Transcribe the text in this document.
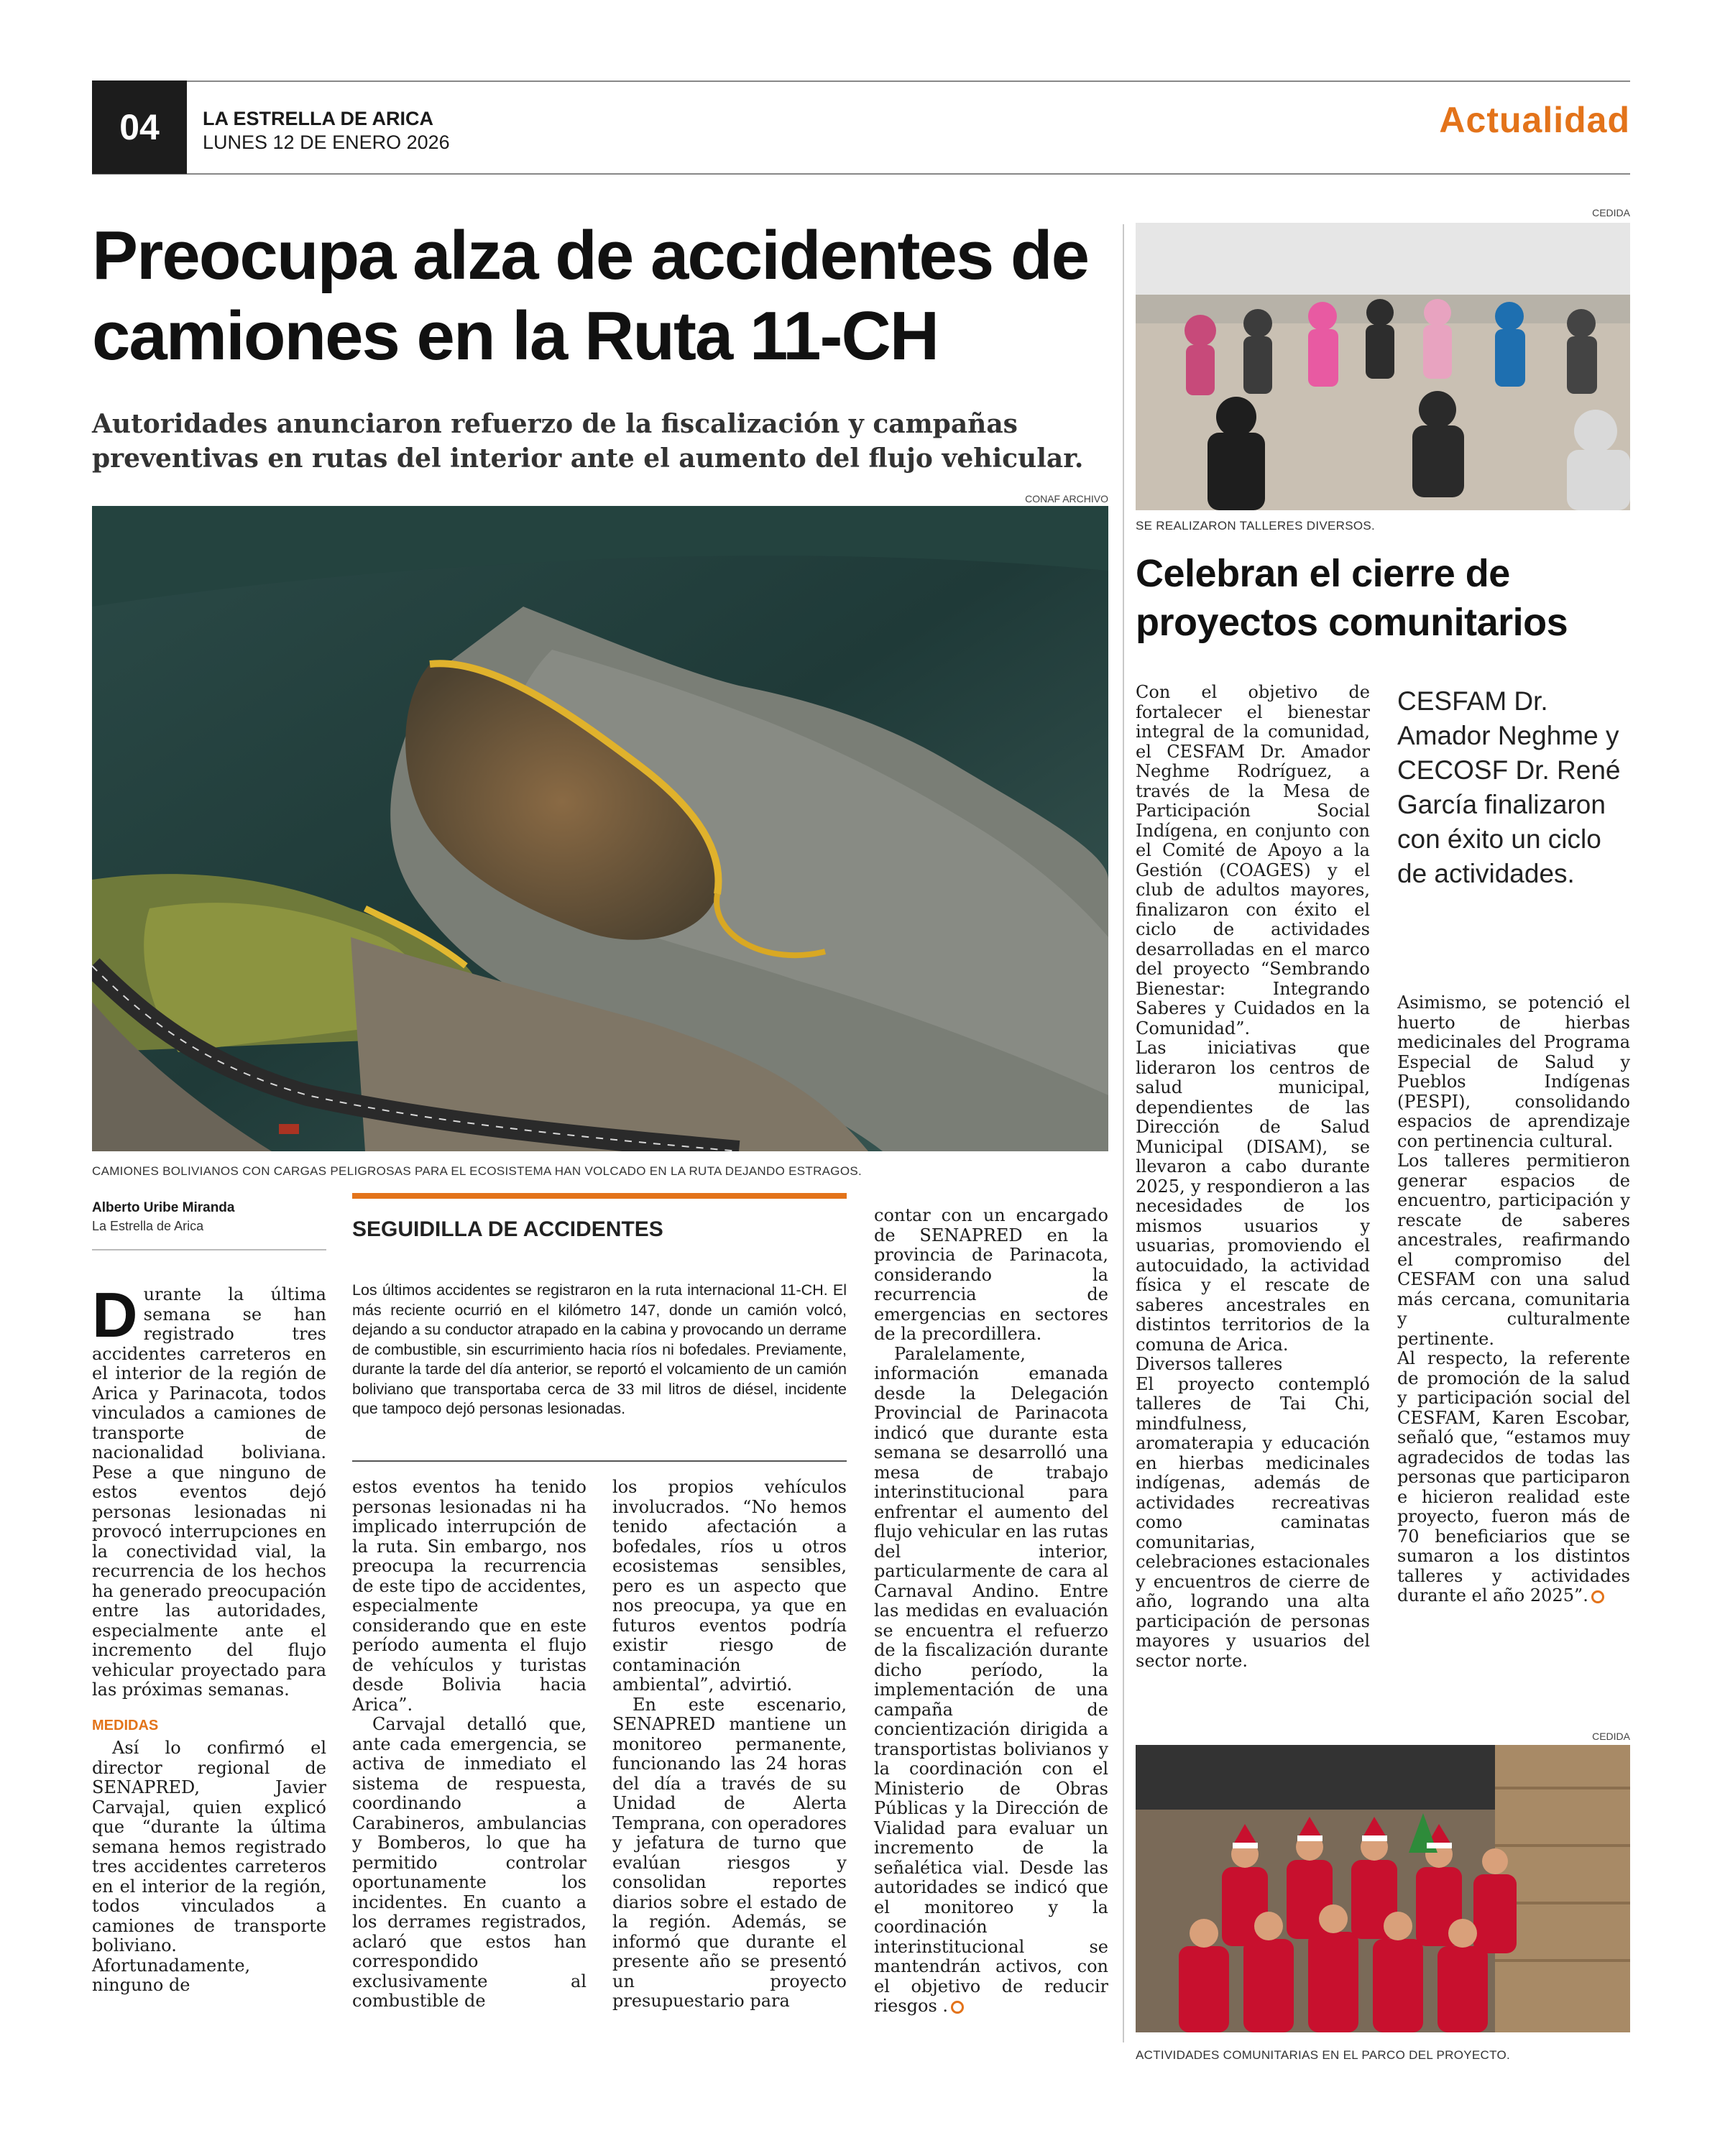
04	LA ESTRELLA DE ARICA
LUNES 12 DE ENERO 2026
Actualidad
Preocupa alza de accidentes de camiones en la Ruta 11-CH

Autoridades anunciaron refuerzo de la fiscalización y campañas preventivas en rutas del interior ante el aumento del flujo vehicular.

CONAF ARCHIVO
CAMIONES BOLIVIANOS CON CARGAS PELIGROSAS PARA EL ECOSISTEMA HAN VOLCADO EN LA RUTA DEJANDO ESTRAGOS.
Alberto Uribe Miranda
La Estrella de Arica

Durante la última semana se han registrado tres accidentes carreteros en el interior de la región de Arica y Parinacota, todos vinculados a camiones de transporte de nacionalidad boliviana. Pese a que ninguno de estos eventos dejó personas lesionadas ni provocó interrupciones en la conectividad vial, la recurrencia de los hechos ha generado preocupación entre las autoridades, especialmente ante el incremento del flujo vehicular proyectado para las próximas semanas.

MEDIDAS

Así lo confirmó el director regional de SENAPRED, Javier Carvajal, quien explicó que “durante la última semana hemos registrado tres accidentes carreteros en el interior de la región, todos vinculados a camiones de transporte boliviano. Afortunadamente, ninguno de

SEGUIDILLA DE ACCIDENTES

Los últimos accidentes se registraron en la ruta internacional 11-CH. El más reciente ocurrió en el kilómetro 147, donde un camión volcó, dejando a su conductor atrapado en la cabina y provocando un derrame de combustible, sin escurrimiento hacia ríos ni bofedales. Previamente, durante la tarde del día anterior, se reportó el volcamiento de un camión boliviano que transportaba cerca de 33 mil litros de diésel, incidente que tampoco dejó personas lesionadas.

estos eventos ha tenido personas lesionadas ni ha implicado interrupción de la ruta. Sin embargo, nos preocupa la recurrencia de este tipo de accidentes, especialmente considerando que en este período aumenta el flujo de vehículos y turistas desde Bolivia hacia Arica”.

Carvajal detalló que, ante cada emergencia, se activa de inmediato el sistema de respuesta, coordinando a Carabineros, ambulancias y Bomberos, lo que ha permitido controlar oportunamente los incidentes. En cuanto a los derrames registrados, aclaró que estos han correspondido exclusivamente al combustible de

los propios vehículos involucrados. “No hemos tenido afectación a bofedales, ríos u otros ecosistemas sensibles, pero es un aspecto que nos preocupa, ya que en futuros eventos podría existir riesgo de contaminación ambiental”, advirtió.

En este escenario, SENAPRED mantiene un monitoreo permanente, funcionando las 24 horas del día a través de su Unidad de Alerta Temprana, con operadores y jefatura de turno que evalúan riesgos y consolidan reportes diarios sobre el estado de la región. Además, se informó que durante el presente año se presentó un proyecto presupuestario para

contar con un encargado de SENAPRED en la provincia de Parinacota, considerando la recurrencia de emergencias en sectores de la precordillera.

Paralelamente, información emanada desde la Delegación Provincial de Parinacota indicó que durante esta semana se desarrolló una mesa de trabajo interinstitucional para enfrentar el aumento del flujo vehicular en las rutas del interior, particularmente de cara al Carnaval Andino. Entre las medidas en evaluación se encuentra el refuerzo de la fiscalización durante dicho período, la implementación de una campaña de concientización dirigida a transportistas bolivianos y la coordinación con el Ministerio de Obras Públicas y la Dirección de Vialidad para evaluar un incremento de la señalética vial. Desde las autoridades se indicó que el monitoreo y la coordinación interinstitucional se mantendrán activos, con el objetivo de reducir riesgos .

CEDIDA
SE REALIZARON TALLERES DIVERSOS.
Celebran el cierre de proyectos comunitarios

Con el objetivo de fortalecer el bienestar integral de la comunidad, el CESFAM Dr. Amador Neghme Rodríguez, a través de la Mesa de Participación Social Indígena, en conjunto con el Comité de Apoyo a la Gestión (COAGES) y el club de adultos mayores, finalizaron con éxito el ciclo de actividades desarrolladas en el marco del proyecto “Sembrando Bienestar: Integrando Saberes y Cuidados en la Comunidad”.

Las iniciativas que lideraron los centros de salud municipal, dependientes de las Dirección de Salud Municipal (DISAM), se llevaron a cabo durante 2025, y respondieron a las necesidades de los mismos usuarios y usuarias, promoviendo el autocuidado, la actividad física y el rescate de saberes ancestrales en distintos territorios de la comuna de Arica.

Diversos talleres

El proyecto contempló talleres de Tai Chi, mindfulness, aromaterapia y educación en hierbas medicinales indígenas, además de actividades recreativas como caminatas comunitarias, celebraciones estacionales y encuentros de cierre de año, logrando una alta participación de personas mayores y usuarios del sector norte.

CESFAM Dr. Amador Neghme y CECOSF Dr. René García finalizaron con éxito un ciclo de actividades.

Asimismo, se potenció el huerto de hierbas medicinales del Programa Especial de Salud y Pueblos Indígenas (PESPI), consolidando espacios de aprendizaje con pertinencia cultural.

Los talleres permitieron generar espacios de encuentro, participación y rescate de saberes ancestrales, reafirmando el compromiso del CESFAM con una salud más cercana, comunitaria y culturalmente pertinente.

Al respecto, la referente de promoción de la salud y participación social del CESFAM, Karen Escobar, señaló que, “estamos muy agradecidos de todas las personas que participaron e hicieron realidad este proyecto, fueron más de 70 beneficiarios que se sumaron a los distintos talleres y actividades durante el año 2025”.

CEDIDA
ACTIVIDADES COMUNITARIAS EN EL PARCO DEL PROYECTO.
